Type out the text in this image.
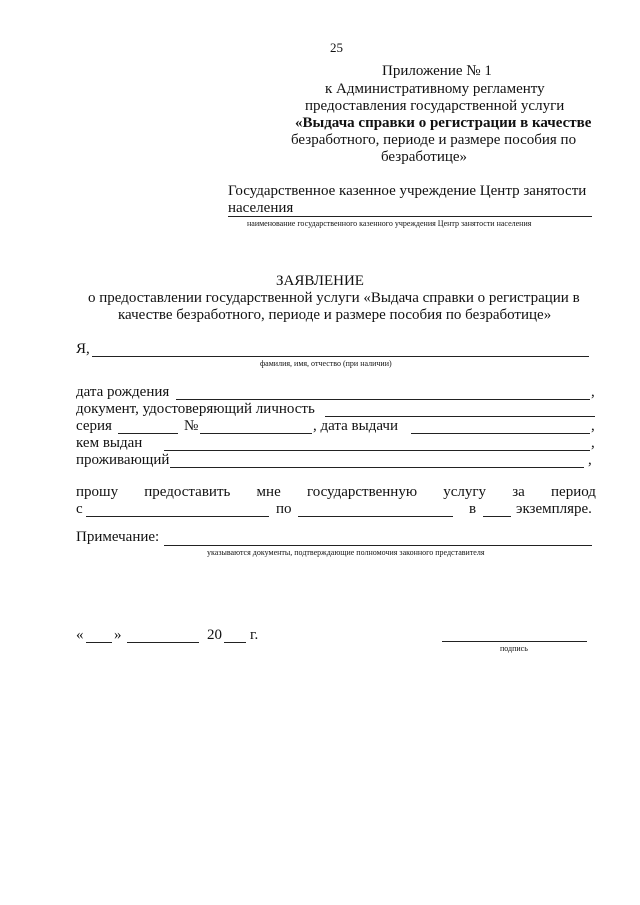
25
Приложение № 1
к Административному регламенту
предоставления государственной услуги
«Выдача справки о регистрации в качестве
безработного, периоде и размере пособия по
безработице»
Государственное казенное учреждение Центр занятости
населения
наименование государственного казенного учреждения Центр занятости населения
ЗАЯВЛЕНИЕ
о предоставлении государственной услуги «Выдача справки о регистрации в
качестве безработного, периоде и размере пособия по безработице»
Я,
фамилия, имя, отчество (при наличии)
дата рождения	,
документ, удостоверяющий личность
серия	№	, дата выдачи	,
кем выдан	,
проживающий	,
прошу предоставить мне государственную услугу за период
с	по	в	экземпляре.
Примечание:
указываются документы, подтверждающие полномочия законного представителя
« »	20 г.
подпись
